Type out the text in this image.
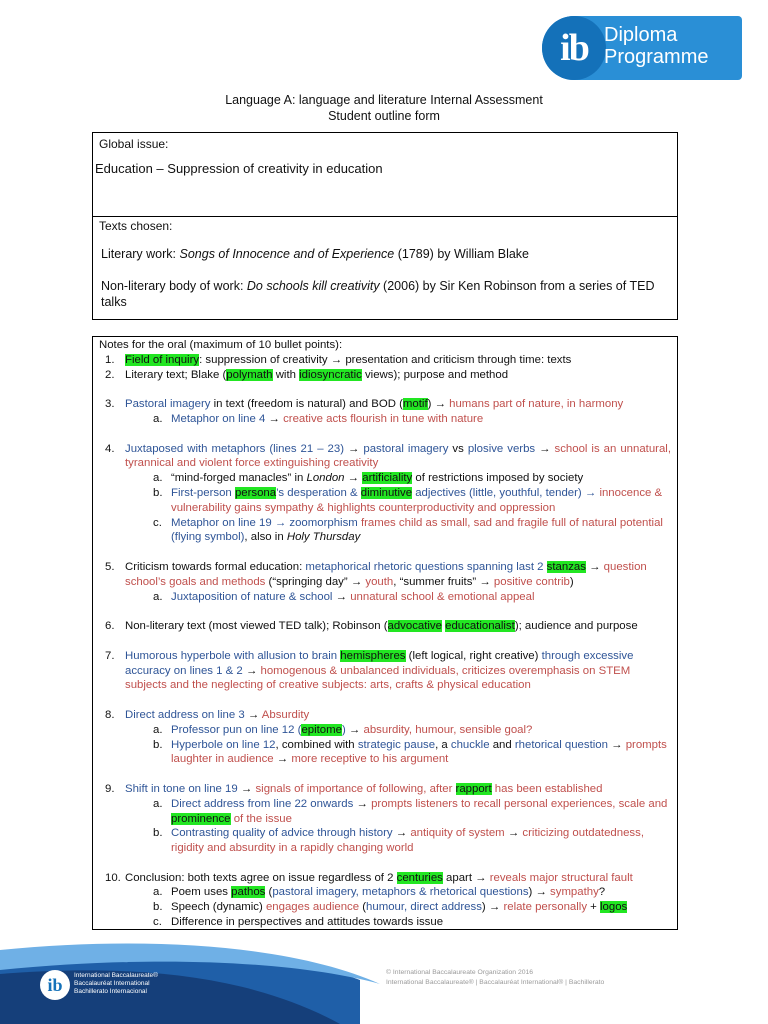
ib Diploma
Programme
Language A: language and literature Internal Assessment
Student outline form
Global issue:
Education – Suppression of creativity in education
Texts chosen:
Literary work: Songs of Innocence and of Experience (1789) by William Blake
Non-literary body of work: Do schools kill creativity (2006) by Sir Ken Robinson from a series of TED talks
Notes for the oral (maximum of 10 bullet points):
1. Field of inquiry: suppression of creativity → presentation and criticism through time: texts
2. Literary text; Blake (polymath with idiosyncratic views); purpose and method
3. Pastoral imagery in text (freedom is natural) and BOD (motif) → humans part of nature, in harmony
a. Metaphor on line 4 → creative acts flourish in tune with nature
4. Juxtaposed with metaphors (lines 21 – 23) → pastoral imagery vs plosive verbs → school is an unnatural, tyrannical and violent force extinguishing creativity
a. “mind-forged manacles” in London → artificiality of restrictions imposed by society
b. First-person persona’s desperation & diminutive adjectives (little, youthful, tender) → innocence & vulnerability gains sympathy & highlights counterproductivity and oppression
c. Metaphor on line 19 → zoomorphism frames child as small, sad and fragile full of natural potential (flying symbol), also in Holy Thursday
5. Criticism towards formal education: metaphorical rhetoric questions spanning last 2 stanzas → question school’s goals and methods (“springing day” → youth, “summer fruits” → positive contrib)
a. Juxtaposition of nature & school → unnatural school & emotional appeal
6. Non-literary text (most viewed TED talk); Robinson (advocative educationalist); audience and purpose
7. Humorous hyperbole with allusion to brain hemispheres (left logical, right creative) through excessive accuracy on lines 1 & 2 → homogenous & unbalanced individuals, criticizes overemphasis on STEM subjects and the neglecting of creative subjects: arts, crafts & physical education
8. Direct address on line 3 → Absurdity
a. Professor pun on line 12 (epitome) → absurdity, humour, sensible goal?
b. Hyperbole on line 12, combined with strategic pause, a chuckle and rhetorical question → prompts laughter in audience → more receptive to his argument
9. Shift in tone on line 19 → signals of importance of following, after rapport has been established
a. Direct address from line 22 onwards → prompts listeners to recall personal experiences, scale and prominence of the issue
b. Contrasting quality of advice through history → antiquity of system → criticizing outdatedness, rigidity and absurdity in a rapidly changing world
10. Conclusion: both texts agree on issue regardless of 2 centuries apart → reveals major structural fault
a. Poem uses pathos (pastoral imagery, metaphors & rhetorical questions) → sympathy?
b. Speech (dynamic) engages audience (humour, direct address) → relate personally + logos
c. Difference in perspectives and attitudes towards issue
ib	International Baccalaureate®
Baccalauréat International
Bachillerato Internacional
© International Baccalaureate Organization 2016
International Baccalaureate® | Baccalauréat International® | Bachillerato
